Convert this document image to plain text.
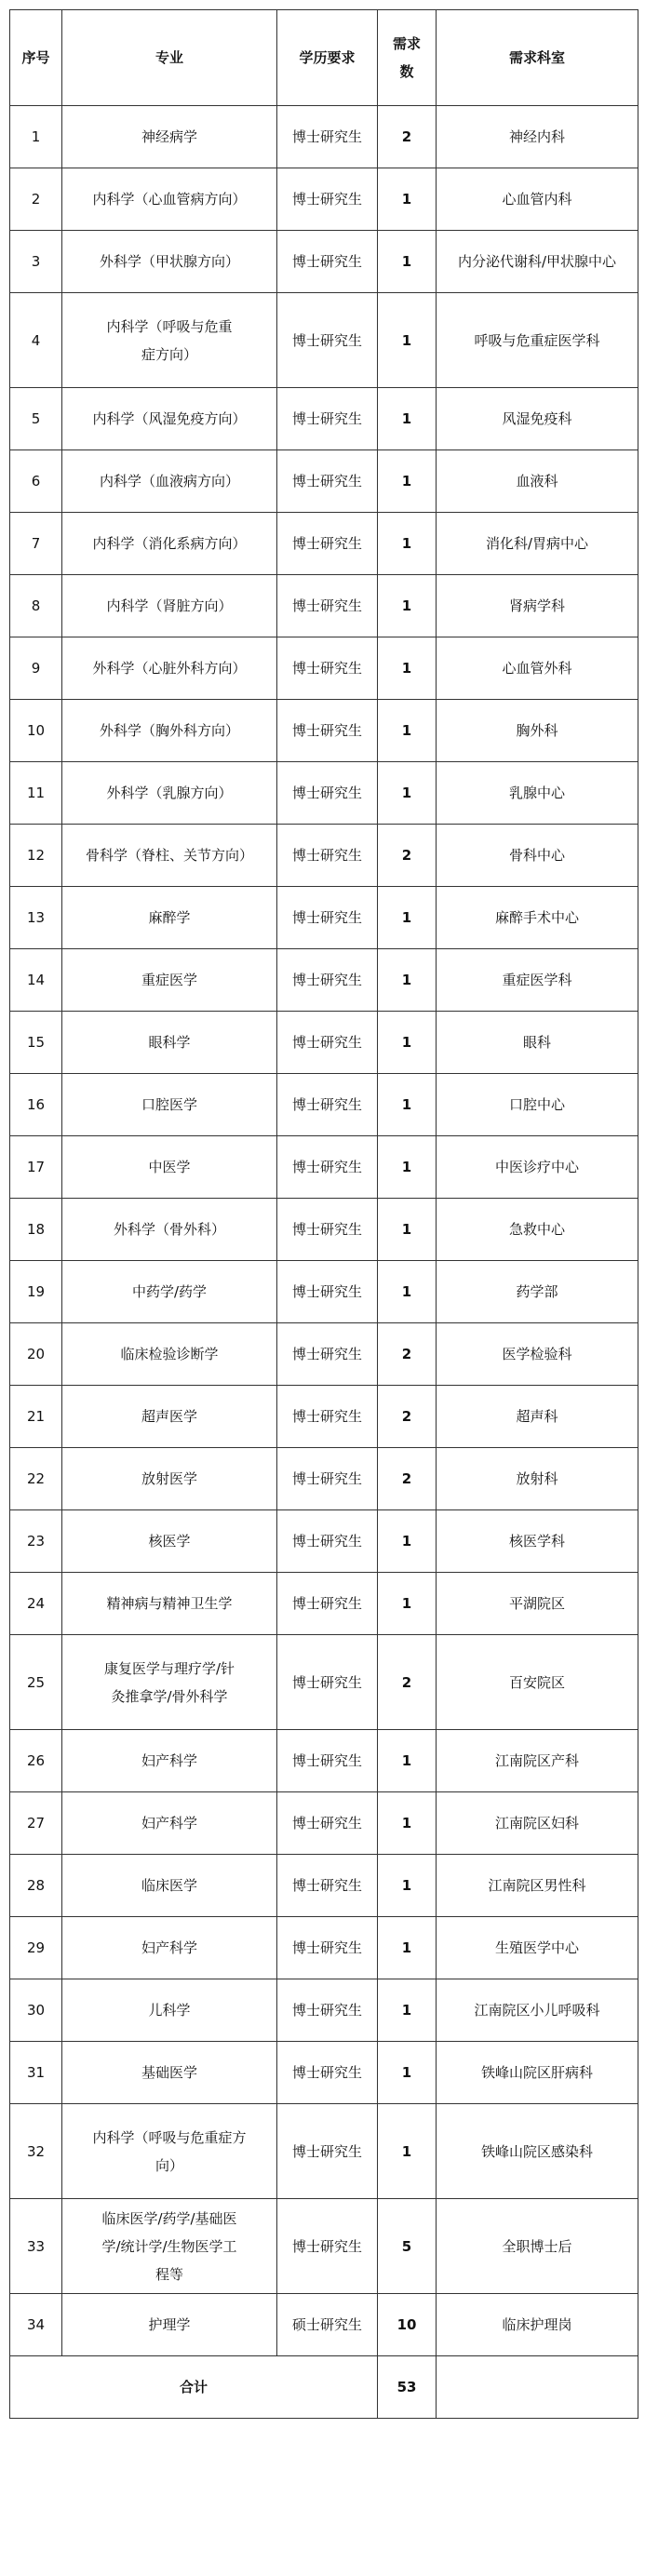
序号	专业	学历要求	需求数	需求科室
1	神经病学	博士研究生	2	神经内科
2	内科学（心血管病方向）	博士研究生	1	心血管内科
3	外科学（甲状腺方向）	博士研究生	1	内分泌代谢科/甲状腺中心
4	内科学（呼吸与危重症方向）	博士研究生	1	呼吸与危重症医学科
5	内科学（风湿免疫方向）	博士研究生	1	风湿免疫科
6	内科学（血液病方向）	博士研究生	1	血液科
7	内科学（消化系病方向）	博士研究生	1	消化科/胃病中心
8	内科学（肾脏方向）	博士研究生	1	肾病学科
9	外科学（心脏外科方向）	博士研究生	1	心血管外科
10	外科学（胸外科方向）	博士研究生	1	胸外科
11	外科学（乳腺方向）	博士研究生	1	乳腺中心
12	骨科学（脊柱、关节方向）	博士研究生	2	骨科中心
13	麻醉学	博士研究生	1	麻醉手术中心
14	重症医学	博士研究生	1	重症医学科
15	眼科学	博士研究生	1	眼科
16	口腔医学	博士研究生	1	口腔中心
17	中医学	博士研究生	1	中医诊疗中心
18	外科学（骨外科）	博士研究生	1	急救中心
19	中药学/药学	博士研究生	1	药学部
20	临床检验诊断学	博士研究生	2	医学检验科
21	超声医学	博士研究生	2	超声科
22	放射医学	博士研究生	2	放射科
23	核医学	博士研究生	1	核医学科
24	精神病与精神卫生学	博士研究生	1	平湖院区
25	康复医学与理疗学/针灸推拿学/骨外科学	博士研究生	2	百安院区
26	妇产科学	博士研究生	1	江南院区产科
27	妇产科学	博士研究生	1	江南院区妇科
28	临床医学	博士研究生	1	江南院区男性科
29	妇产科学	博士研究生	1	生殖医学中心
30	儿科学	博士研究生	1	江南院区小儿呼吸科
31	基础医学	博士研究生	1	铁峰山院区肝病科
32	内科学（呼吸与危重症方向）	博士研究生	1	铁峰山院区感染科
33	临床医学/药学/基础医学/统计学/生物医学工程等	博士研究生	5	全职博士后
34	护理学	硕士研究生	10	临床护理岗
合计			53	
